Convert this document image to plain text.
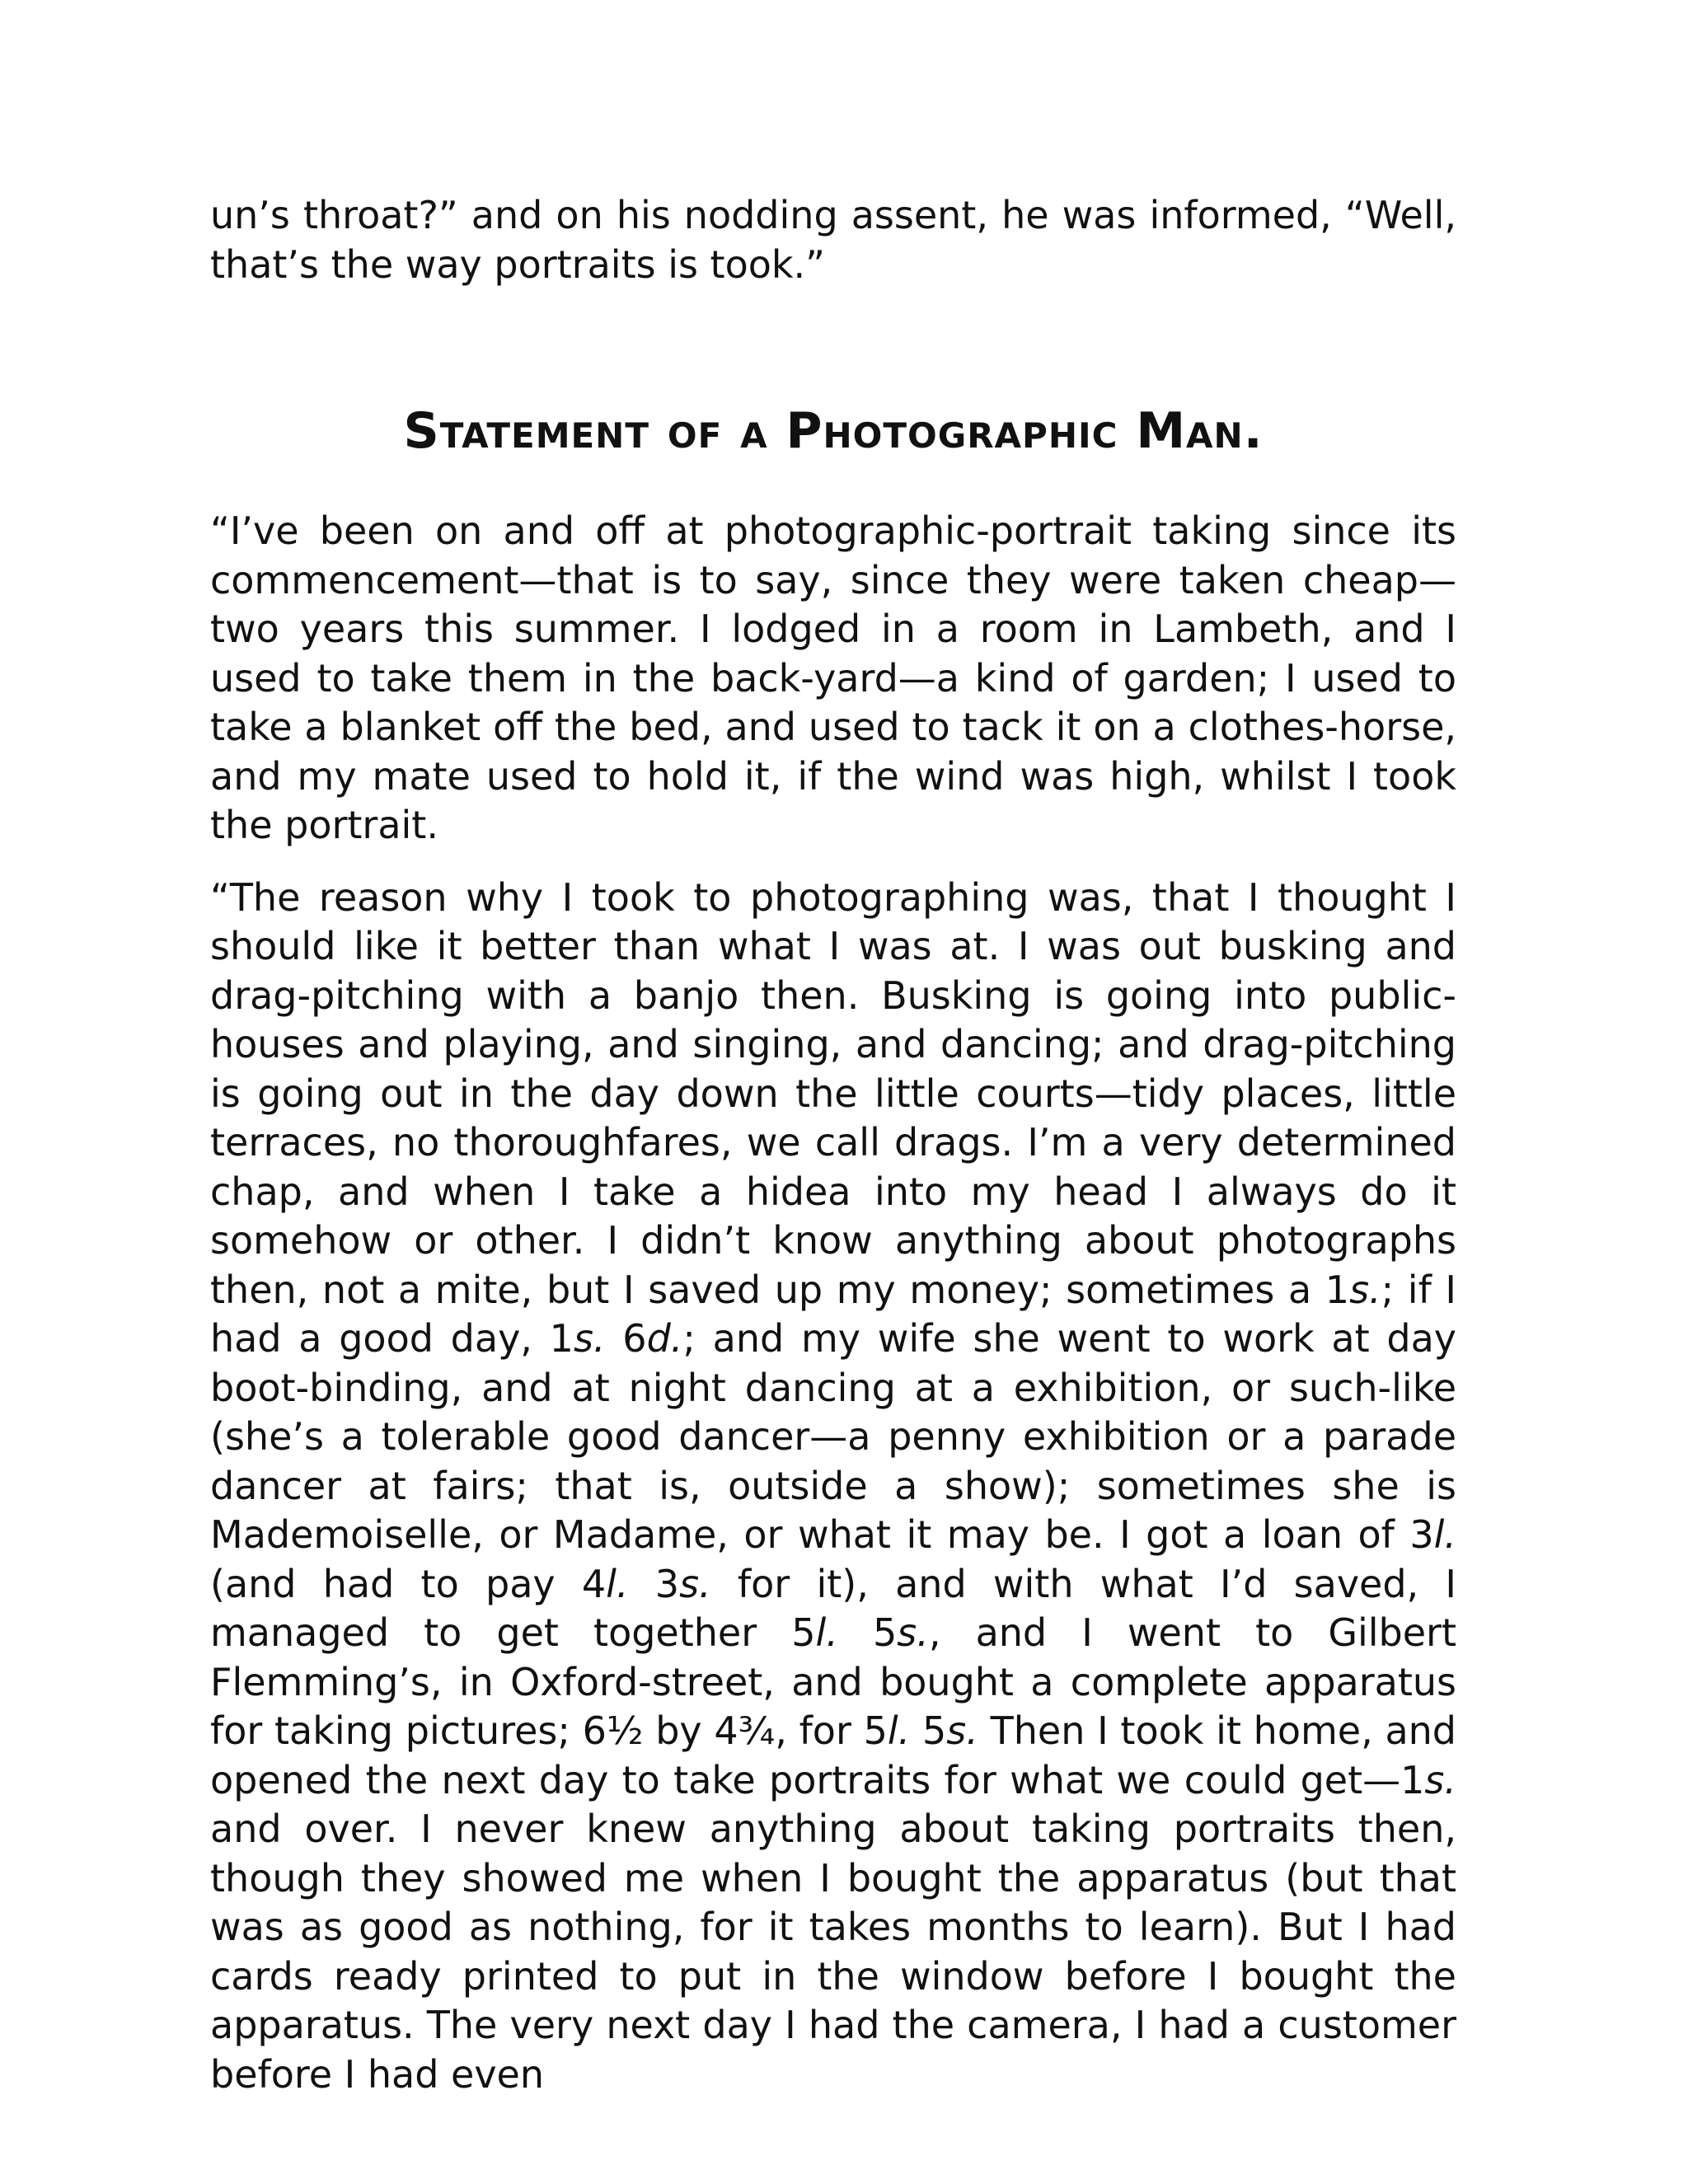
un’s throat?” and on his nodding assent, he was informed, “Well, that’s the way portraits is took.”

Statement of a Photographic Man.

“I’ve been on and off at photographic-portrait taking since its commencement—that is to say, since they were taken cheap—two years this summer. I lodged in a room in Lambeth, and I used to take them in the back-yard—a kind of garden; I used to take a blanket off the bed, and used to tack it on a clothes-horse, and my mate used to hold it, if the wind was high, whilst I took the portrait.

“The reason why I took to photographing was, that I thought I should like it better than what I was at. I was out busking and drag-pitching with a banjo then. Busking is going into public-houses and playing, and singing, and dancing; and drag-pitching is going out in the day down the little courts—tidy places, little terraces, no thoroughfares, we call drags. I’m a very determined chap, and when I take a hidea into my head I always do it somehow or other. I didn’t know anything about photographs then, not a mite, but I saved up my money; sometimes a 1s.; if I had a good day, 1s. 6d.; and my wife she went to work at day boot-binding, and at night dancing at a exhibition, or such-like (she’s a tolerable good dancer—a penny exhibition or a parade dancer at fairs; that is, outside a show); sometimes she is Mademoiselle, or Madame, or what it may be. I got a loan of 3l. (and had to pay 4l. 3s. for it), and with what I’d saved, I managed to get together 5l. 5s., and I went to Gilbert Flemming’s, in Oxford-street, and bought a complete apparatus for taking pictures; 6½ by 4¾, for 5l. 5s. Then I took it home, and opened the next day to take portraits for what we could get—1s. and over. I never knew anything about taking portraits then, though they showed me when I bought the apparatus (but that was as good as nothing, for it takes months to learn). But I had cards ready printed to put in the window before I bought the apparatus. The very next day I had the camera, I had a customer before I had even
